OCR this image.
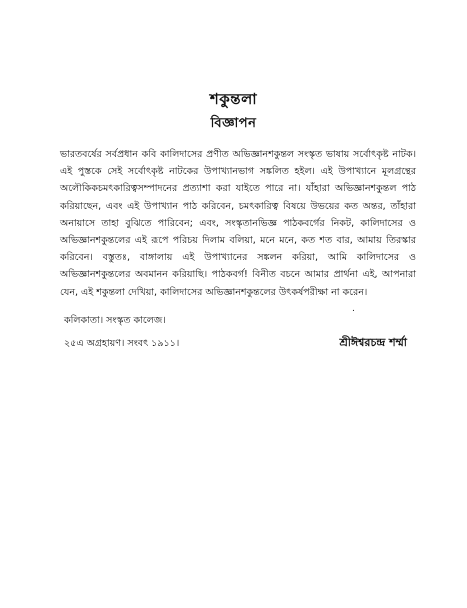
শকুন্তলা
বিজ্ঞাপন
ভারতবর্ষের সর্বপ্রধান কবি কালিদাসের প্রণীত অভিজ্ঞানশকুন্তল সংস্কৃত ভাষায় সর্বোৎকৃষ্ট নাটক। এই পুস্তকে সেই সর্বোৎকৃষ্ট নাটকের উপাখ্যানভাগ সঙ্কলিত হইল। এই উপাখ্যানে মূলগ্রন্থের অলৌকিকচমৎকারিত্বসম্পাদনের প্রত্যাশা করা যাইতে পারে না। যাঁহারা অভিজ্ঞানশকুন্তল পাঠ করিয়াছেন, এবং এই উপাখ্যান পাঠ করিবেন, চমৎকারিত্ব বিষয়ে উভয়ের কত অন্তর, তাঁহারা অনায়াসে তাহা বুঝিতে পারিবেন; এবং, সংস্কৃতানভিজ্ঞ পাঠকবর্গের নিকট, কালিদাসের ও অভিজ্ঞানশকুন্তলের এই রূপে পরিচয় দিলাম বলিয়া, মনে মনে, কত শত বার, আমায় তিরস্কার করিবেন। বস্তুতঃ, বাঙ্গালায় এই উপাখ্যানের সঙ্কলন করিয়া, আমি কালিদাসের ও অভিজ্ঞানশকুন্তলের অবমানন করিয়াছি। পাঠকবর্গ! বিনীত বচনে আমার প্রার্থনা এই, আপনারা যেন, এই শকুন্তলা দেখিয়া, কালিদাসের অভিজ্ঞানশকুন্তলের উৎকর্ষপরীক্ষা না করেন।
.
কলিকাতা। সংস্কৃত কালেজ।
২৫এ অগ্রহায়ণ। সংবৎ ১৯১১।	শ্রীঈশ্বরচন্দ্র শর্ম্মা
